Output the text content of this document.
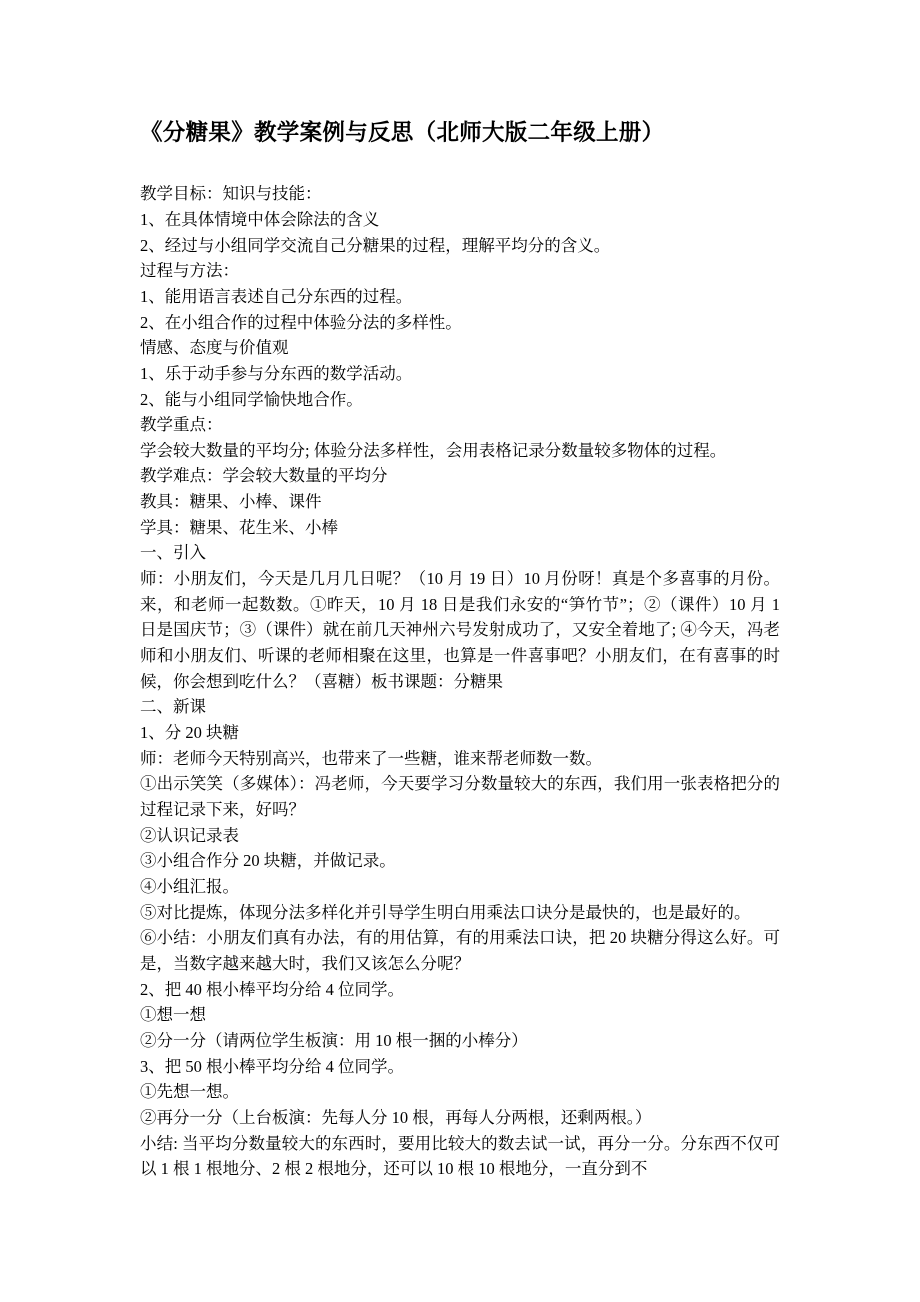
《分糖果》教学案例与反思（北师大版二年级上册）

教学目标：知识与技能：

1、在具体情境中体会除法的含义

2、经过与小组同学交流自己分糖果的过程，理解平均分的含义。

过程与方法：

1、能用语言表述自己分东西的过程。

2、在小组合作的过程中体验分法的多样性。

情感、态度与价值观

1、乐于动手参与分东西的数学活动。

2、能与小组同学愉快地合作。

教学重点：

学会较大数量的平均分; 体验分法多样性，会用表格记录分数量较多物体的过程。

教学难点：学会较大数量的平均分

教具：糖果、小棒、课件

学具：糖果、花生米、小棒

一、引入

师：小朋友们，今天是几月几日呢？（10 月 19 日）10 月份呀！真是个多喜事的月份。来，和老师一起数数。①昨天，10 月 18 日是我们永安的“笋竹节”；②（课件）10 月 1 日是国庆节；③（课件）就在前几天神州六号发射成功了，又安全着地了; ④今天，冯老师和小朋友们、听课的老师相聚在这里，也算是一件喜事吧？小朋友们，在有喜事的时候，你会想到吃什么？（喜糖）板书课题：分糖果

二、新课

1、分 20 块糖

师：老师今天特别高兴，也带来了一些糖，谁来帮老师数一数。

①出示笑笑（多媒体）：冯老师，今天要学习分数量较大的东西，我们用一张表格把分的过程记录下来，好吗？

②认识记录表

③小组合作分 20 块糖，并做记录。

④小组汇报。

⑤对比提炼，体现分法多样化并引导学生明白用乘法口诀分是最快的，也是最好的。

⑥小结：小朋友们真有办法，有的用估算，有的用乘法口诀，把 20 块糖分得这么好。可是，当数字越来越大时，我们又该怎么分呢？

2、把 40 根小棒平均分给 4 位同学。

①想一想

②分一分（请两位学生板演：用 10 根一捆的小棒分）

3、把 50 根小棒平均分给 4 位同学。

①先想一想。

②再分一分（上台板演：先每人分 10 根，再每人分两根，还剩两根。）

小结: 当平均分数量较大的东西时，要用比较大的数去试一试，再分一分。分东西不仅可以 1 根 1 根地分、2 根 2 根地分，还可以 10 根 10 根地分，一直分到不
